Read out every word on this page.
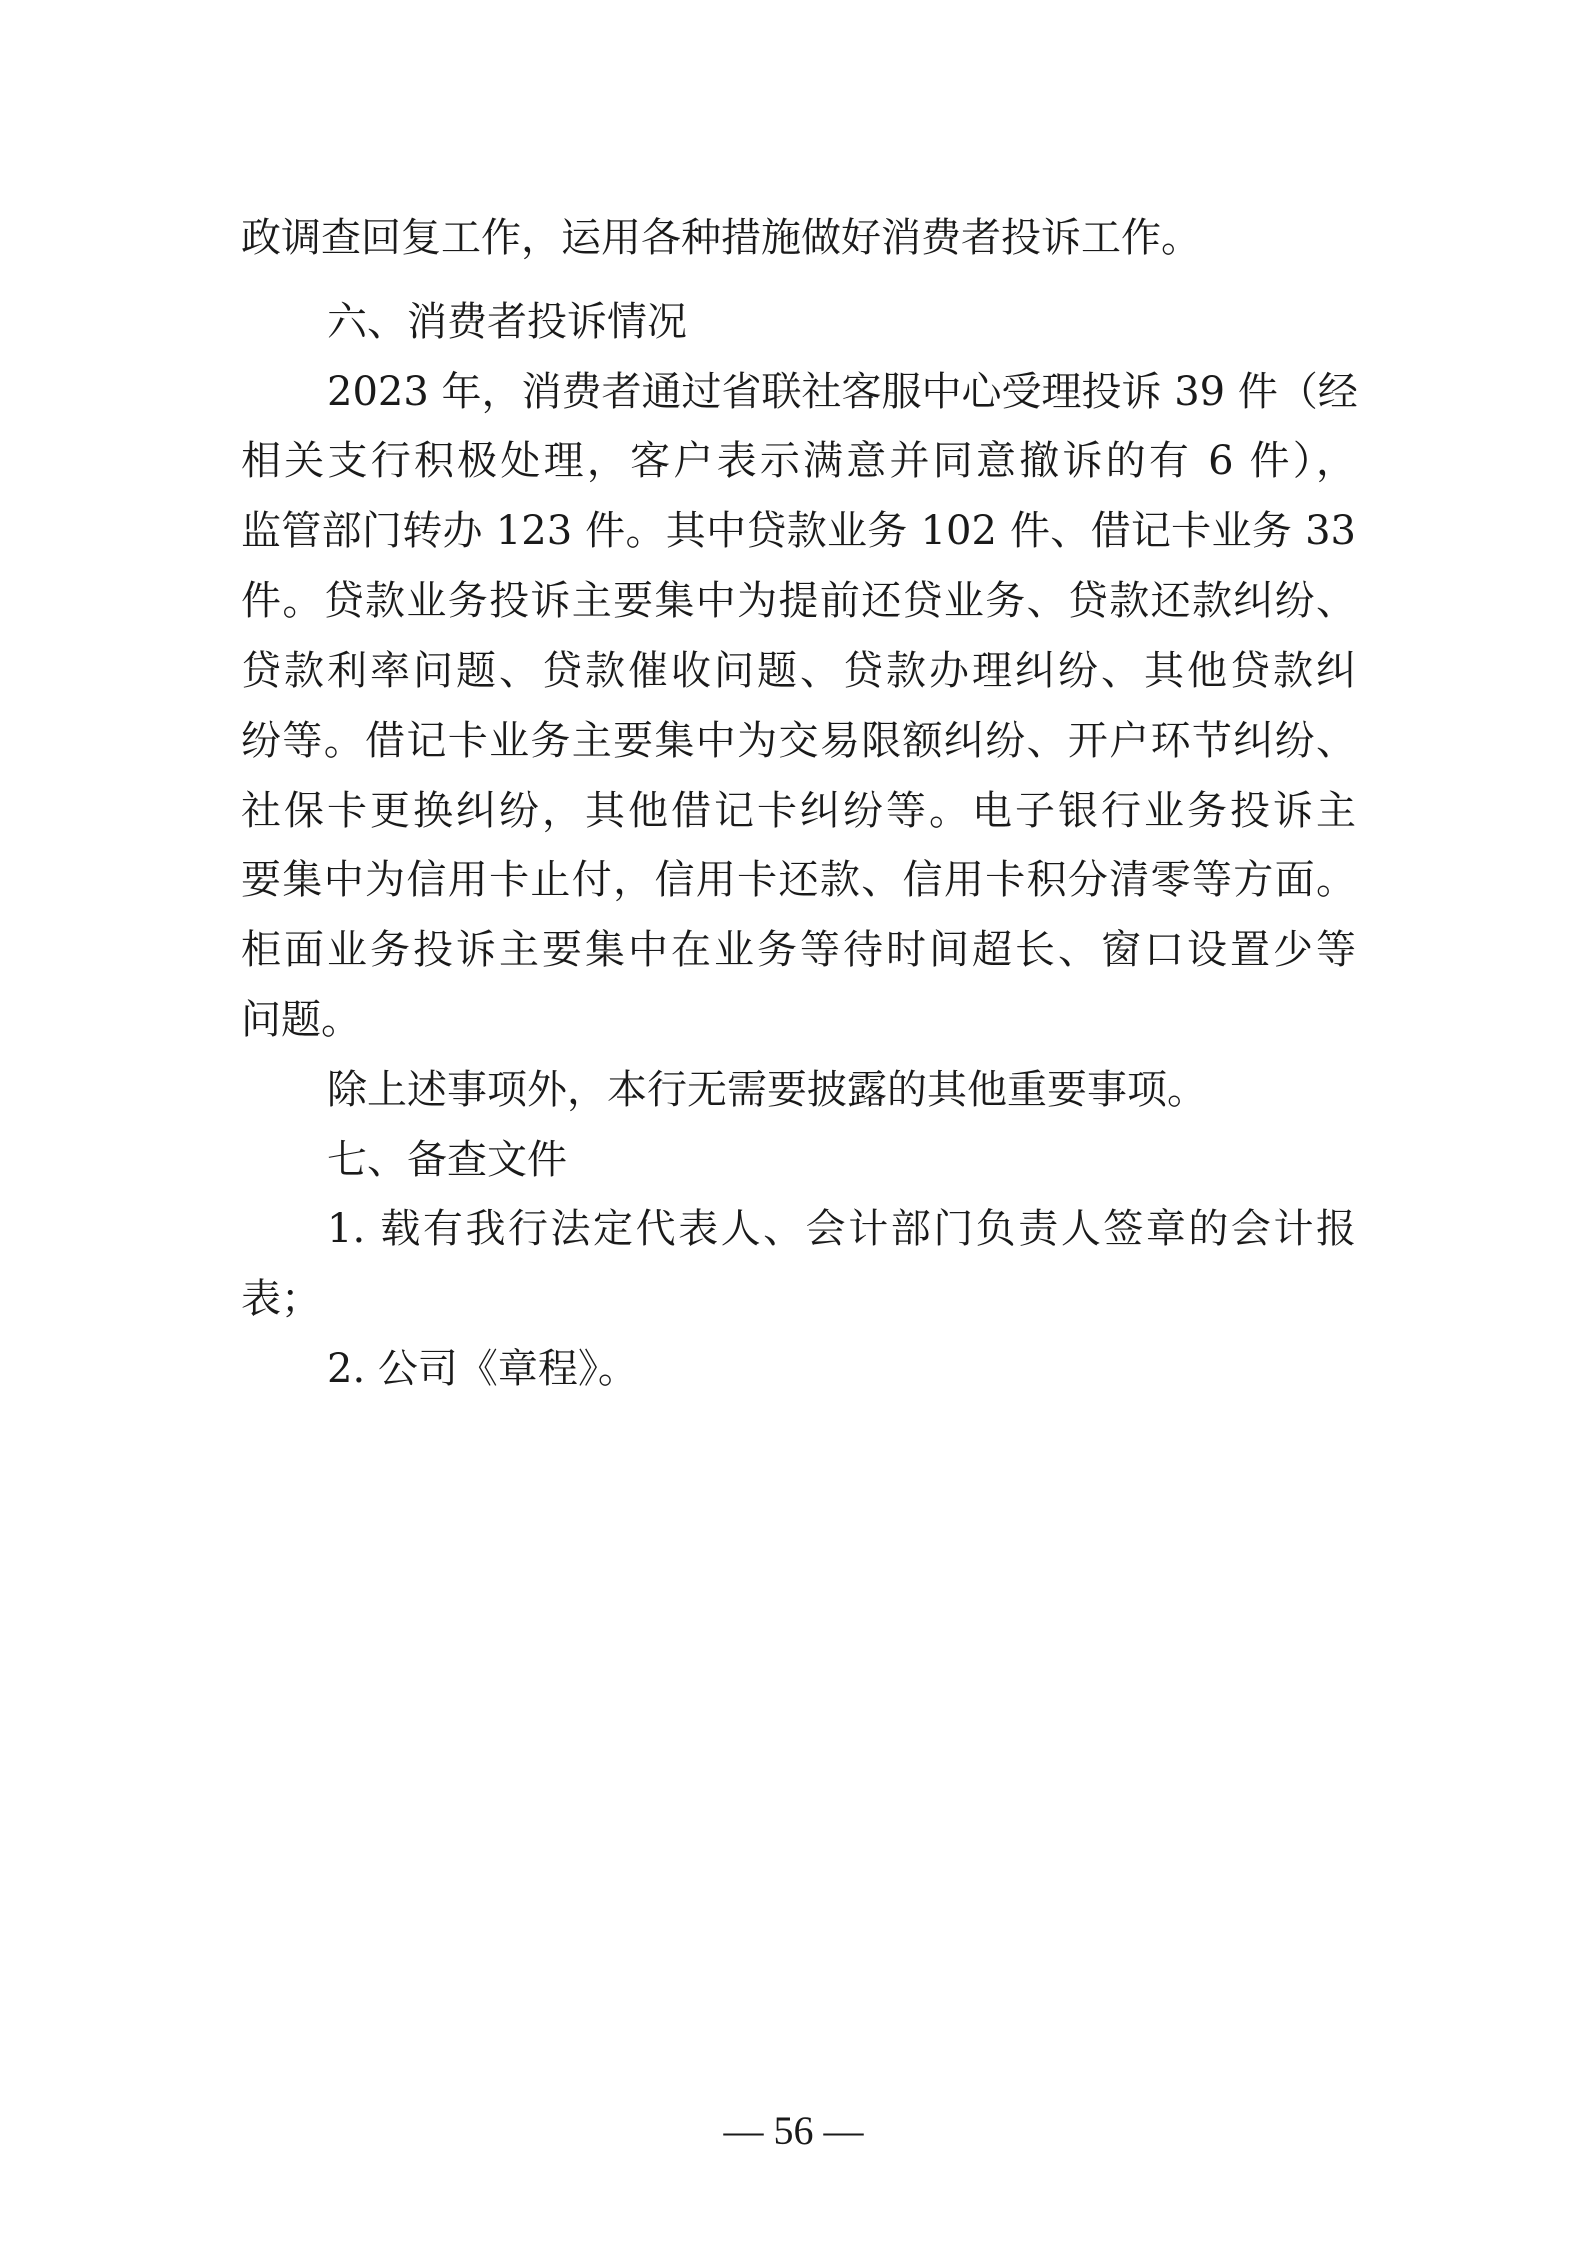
政调查回复工作，运用各种措施做好消费者投诉工作。
六、消费者投诉情况
2023 年，消费者通过省联社客服中心受理投诉 39 件（经
相关支行积极处理，客户表示满意并同意撤诉的有 6 件），
监管部门转办 123 件。其中贷款业务 102 件、借记卡业务 33
件。贷款业务投诉主要集中为提前还贷业务、贷款还款纠纷、
贷款利率问题、贷款催收问题、贷款办理纠纷、其他贷款纠
纷等。借记卡业务主要集中为交易限额纠纷、开户环节纠纷、
社保卡更换纠纷，其他借记卡纠纷等。电子银行业务投诉主
要集中为信用卡止付，信用卡还款、信用卡积分清零等方面。
柜面业务投诉主要集中在业务等待时间超长、窗口设置少等
问题。
除上述事项外，本行无需要披露的其他重要事项。
七、备查文件
1. 载有我行法定代表人、会计部门负责人签章的会计报
表；
2. 公司《章程》。
— 56 —
